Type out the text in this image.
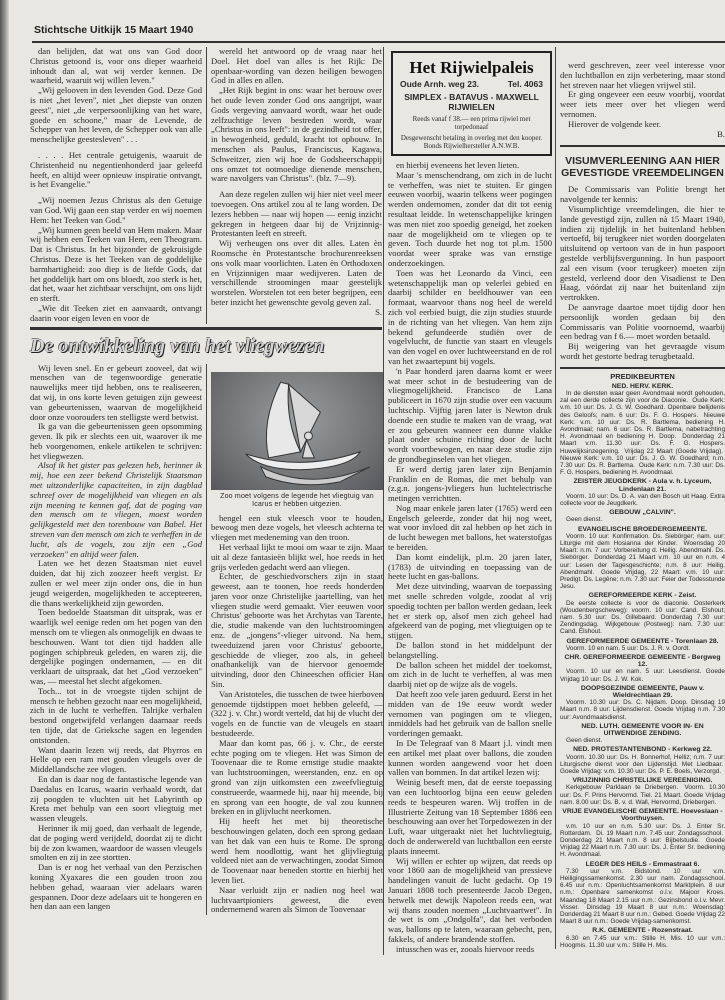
Stichtsche Uitkijk 15 Maart 1940

dan belijden, dat wat ons van God door Christus getoond is, voor ons dieper waarheid inhoudt dan al, wat wij verder kennen. De waarheid, waaruit wij willen leven."

„Wij gelooven in den levenden God. Deze God is niet „het leven", niet „het diepste van onzen geest", niet „de verpersoonlijking van het ware, goede en schoone," maar de Levende, de Schepper van het leven, de Schepper ook van alle menschelijke geestesleven" . . .

. . . . Het centrale getuigenis, waaruit de Christenheid nu negentienhonderd jaar geleefd heeft, en altijd weer opnieuw inspiratie ontvangt, is het Evangelie."

„Wij noemen Jezus Christus als den Getuige van God. Wij gaan een stap verder en wij noemen Hem: het Teeken van God."

„Wij kunnen geen beeld van Hem maken. Maar wij hebben een Teeken van Hem, een Theogram. Dat is Christus. In het bijzonder de gekruisigde Christus. Deze is het Teeken van de goddelijke barmhartigheid: zoo diep is de liefde Gods, dat het goddelijk hart om ons bloedt, zoo sterk is het, dat het, waar het zichtbaar verschijnt, om ons lijdt en sterft.

„Wie dit Teeken ziet en aanvaardt, ontvangt daarin voor eigen leven en voor de

wereld het antwoord op de vraag naar het Doel. Het doel van alles is het Rijk: De openbaar-wording van dezen heiligen bewogen God in alles en allen.

„Het Rijk begint in ons: waar het berouw over het oude leven zonder God ons aangrijpt, waar Gods vergeving aanvaard wordt, waar het oude zelfzuchtige leven bestreden wordt, waar „Christus in ons leeft": in de gezindheid tot offer, in bewogenheid, geduld, kracht tot opbouw. In menschen als Paulus, Franciscus, Kagawa, Schweitzer, zien wij hoe de Godsheerschappij ons omzet tot ootmoedige dienende menschen, ware navolgers van Christus". (blz. 7—9).

Aan deze regelen zullen wij hier niet veel meer toevoegen. Ons artikel zou al te lang worden. De lezers hebben — naar wij hopen — eenig inzicht gekregen in hetgeen daar bij de Vrijzinnig-Protestanten leeft en streeft.

Wij verheugen ons over dit alles. Laten èn Roomsche èn Protestantsche brochurenreeksen ons volk maar voorlichten. Laten èn Orthodoxen en Vrijzinnigen maar wedijveren. Laten de verschillende stroomingen maar geestelijk worstelen. Worstelen tot een beter begrijpen, een beter inzicht het gewenschte gevolg geven zal.

S.
De ontwikkeling van het vliegwezen

Wij leven snel. En er gebeurt zooveel, dat wij menschen van de tegenwoordige generatie nauwelijks meer tijd hebben, ons te realiseeren, dat wij, in ons korte leven getuigen zijn geweest van gebeurtenissen, waarvan de mogelijkheid door onze voorouders ten stelligste werd betwist.

Ik ga van die gebeurtenissen geen opsomming geven. Ik pik er slechts een uit, waarover ik me heb voorgenomen, enkele artikelen te schrijven: het vliegwezen.

Alsof ik het gister pas gelezen heb, herinner ik mij, hoe een zeer bekend Christelijk Staatsman met uitzonderlijke capaciteiten, in zijn dagblad schreef over de mogelijkheid van vliegen en als zijn meening te kennen gaf, dat de poging van den mensch om te vliegen, moest worden gelijkgesteld met den torenbouw van Babel. Het streven van den mensch om zich te verheffen in de lucht, als de vogels, zou zijn een „God verzoeken" en altijd weer falen.

Laten we het dezen Staatsman niet euvel duiden, dat hij zich zoozeer heeft vergist. Er zullen er wel meer zijn onder ons, die in hun jeugd weigerden, mogelijkheden te accepteeren, die thans werkelijkheid zijn geworden.

Toen bedoelde Staatsman dit uitsprak, was er waarlijk wel eenige reden om het pogen van den mensch om te vliegen als onmogelijk en dwaas te beschouwen. Want tot dien tijd hadden alle pogingen schipbreuk geleden, en waren zij, die dergelijke pogingen ondernamen, — en dit verklaart de uitspraak, dat het „God verzoeken" was, — meestal het slecht afgekomen.

Toch... tot in de vroegste tijden schijnt de mensch te hebben gezocht naar een mogelijkheid, zich in de lucht te verheffen. Talrijke verhalen bestond ongetwijfeld verlangen daarnaar reeds ten tijde, dat de Grieksche sagen en legenden ontstonden.

Want daarin lezen wij reeds, dat Phyrros en Helle op een ram met gouden vleugels over de Middellandsche zee vlogen.

En dan is daar nog de fantastische legende van Daedalus en Icarus, waarin verhaald wordt, dat zij poogden te vluchten uit het Labyrinth op Kreta met behulp van een soort vliegtuig met wassen vleugels.

Herinner ik mij goed, dan verhaalt de legende, dat de poging werd verijdeld, doordat zij te dicht bij de zon kwamen, waardoor de wassen vleugels smolten en zij in zee stortten.

Dan is er nog het verhaal van den Perzischen koning Xyaxares die een gouden troon zou hebben gehad, waaraan vier adelaars waren gespannen. Door deze adelaars uit te hongeren en hen dan aan een langen

Zoo moet volgens de legende het vliegtuig van Icarus er hebben uitgezien.

hengel een stuk vleesch voor te houden, bewoog men deze vogels, het vleesch achterna te vliegen met medeneming van den troon.

Het verhaal lijkt te mooi om waar te zijn. Maar uit al deze fantasieën blijkt wel, hoe reeds in het grijs verleden gedacht werd aan vliegen.

Echter, de geschiedvorschers zijn in staat geweest, aan te toonen, hoe reeds honderden jaren voor onze Christelijke jaartelling, van het vliegen studie werd gemaakt. Vier eeuwen voor Christus' geboorte was het Archytas van Tarente, die, studie makende van den luchtstroomingen enz. de „jongens"-vlieger uitvond. Na hem, tweeduizend jaren voor Christus' geboorte, geschiedde de vlieger, zoo als, in geheel onafhankelijk van de hiervoor genoemde uitvinding, door den Chineeschen officier Han Sin.

Van Aristoteles, die tusschen de twee hierboven genoemde tijdstippen moet hebben geleefd, — (322 j. v. Chr.) wordt verteld, dat hij de vlucht der vogels en de functie van de vleugels en staart bestudeerde.

Maar dan komt pas, 66 j. v. Chr., de eerste echte poging om te vliegen. Het was Simon de Toovenaar die te Rome ernstige studie maakte van luchtstroomingen, weerstanden, enz. en op grond van zijn uitkomsten een zweefvliegtuig construeerde, waarmede hij, naar hij meende, bij en sprong van een hoogte, de val zou kunnen breken en in glijvlucht neerkomen.

Hij heeft het met bij theoretische beschouwingen gelaten, doch een sprong gedaan van het dak van een huis te Rome. De sprong werd hem noodlottig, want het glijvliegtuig voldeed niet aan de verwachtingen, zoodat Simon de Toovenaar naar beneden stortte en hierbij het leven liet.

Naar verluidt zijn er nadien nog heel wat luchtvaartpioniers geweest, die even ondernemend waren als Simon de Toovenaar

Het Rijwielpaleis
Oude Arnh. weg 23.	Tel. 4063
SIMPLEX - BATAVUS - MAXWELL
RIJWIELEN
Reeds vanaf f 38.— een prima rijwiel met torpedonaaf
Desgewenscht betaling in overleg met den kooper. Bonds Rijwielhersteller A.N.W.B.

en hierbij eveneens het leven lieten.

Maar 's menschendrang, om zich in de lucht te verheffen, was niet te stuiten. Er gingen eeuwen voorbij, waarin telkens weer pogingen werden ondernomen, zonder dat dit tot eenig resultaat leidde. In wetenschappelijke kringen was men niet zoo spoedig geneigd, het zoeken naar de mogelijkheid om te vliegen op te geven. Toch duurde het nog tot pl.m. 1500 voordat weer sprake was van ernstige onderzoekingen.

Toen was het Leonardo da Vinci, een wetenschappelijk man op velerlei gebied en daarbij schilder en beeldhouwer van een formaat, waarvoor thans nog heel de wereld zich vol eerbied buigt, die zijn studies stuurde in de richting van het vliegen. Van hem zijn bekend gefundeerde studiën over de vogelvlucht, de functie van staart en vleugels van den vogel en over luchtweerstand en de rol van het zwaartepunt bij vogels.

'n Paar honderd jaren daarna komt er weer wat meer schot in de bestudeering van de vliegmogelijkheid. Francisco de Lana publiceert in 1670 zijn studie over een vacuum luchtschip. Vijftig jaren later is Newton druk doende een studie te maken van de vraag, wat er zou gebeuren wanneer een dunne vlakke plaat onder schuine richting door de lucht wordt voortbewogen, en naar deze studie zijn de grondbeginselen van het vliegen.

Er werd dertig jaren later zijn Benjamin Franklin en de Romas, die met behulp van (z.g.n. jongens-)vliegers hun luchtelectrische metingen verrichtten.

Nog maar enkele jaren later (1765) werd een Engelsch geleerde, zonder dat hij nog weet, wat voor invloed dit zal hebben op het zich in de lucht bewegen met ballons, het waterstofgas te bereiden.

Dan komt eindelijk, pl.m. 20 jaren later, (1783) de uitvinding en toepassing van de heete lucht en gas-ballons.

Met deze uitvinding, waarvan de toepassing met snelle schreden volgde, zoodat al vrij spoedig tochten per ballon werden gedaan, leek het er sterk op, alsof men zich geheel had afgekeerd van de poging, met vliegtuigen op te stijgen.

De ballon stond in het middelpunt der belangstelling.

De ballon scheen het middel der toekomst, om zich in de lucht te verheffen, al was men daarbij niet op de wijze als de vogels.

Dat heeft zoo vele jaren geduurd. Eerst in het midden van de 19e eeuw wordt weder vernomen van pogingen om te vliegen, inmiddels had het gebruik van de ballon snelle vorderingen gemaakt.

In De Telegraaf van 8 Maart j.l. vindt men een artikel met plaat over ballons, die zouden kunnen worden aangewend voor het doen vallen van bommen. In dat artikel lezen wij:

Weinig beseft men, dat de eerste toepassing van een luchtoorlog bijna een eeuw geleden reeds te bespeuren waren. Wij troffen in de Illustrierte Zeitung van 18 September 1886 een beschouwing aan over het Torpedowezen in der Luft, waar uitgeraakt niet het luchtvliegtuig, doch de onderwereld van luchtballon een eerste plaats inneemt.

Wij willen er echter op wijzen, dat reeds op voor 1860 aan de mogelijkheid van pressieve handelingen vanuit de lucht gedacht. Op 19 Januari 1808 toch presenteerde Jacob Degen, hetwelk met dewijk Napoleon reeds een, wat wij thans zouden noemen „Luchtvaartwet". In de wet is om „Ondgolfa", dat het verboden was, ballons op te laten, waaraan gebecht, pen, fakkels, of andere brandende stoffen.

intusschen was er, zooals hiervoor reeds

werd geschreven, zeer veel interesse voor den luchtballon en zijn verbetering, maar stond het streven naar het vliegen vrijwel stil.

Er ging ongeveer een eeuw voorbij, voordat weer iets meer over het vliegen werd vernomen.

Hierover de volgende keer.

B.
VISUMVERLEENING AAN HIER GEVESTIGDE VREEMDELINGEN

De Commissaris van Politie brengt het navolgende ter kennis:

Visumplichtige vreemdelingen, die hier te lande gevestigd zijn, zullen nà 15 Maart 1940, indien zij tijdelijk in het buitenland hebben vertoefd, bij terugkeer niet worden doorgelaten uitsluitend op vertoon van de in hun paspoort gestelde verblijfsvergunning. In hun paspoort zal een visum (voor terugkeer) moeten zijn gesteld, verleend door den Visadienst te Den Haag, vóórdat zij naar het buitenland zijn vertrokken.

De aanvrage daartoe moet tijdig door hen persoonlijk worden gedaan bij den Commissaris van Politie voornoemd, waarbij een bedrag van f 6.— moet worden betaald.

Bij weigering van het gevraagde visum wordt het gestorte bedrag terugbetaald.

PREDIKBEURTEN
NED. HERV. KERK.
In de diensten waar geen Avondmaal wordt gehouden, zal een derde collecte zijn voor de Diaconie. Oude Kerk: v.m. 10 uur: Ds. J. G. W. Goedhard. Openbare belijdenis des Geloofs; nam. 6 uur: Ds. F. G. Hospers. Nieuwe Kerk: v.m. 10 uur: Ds. R. Bartlema, bediening H. Avondmaal; nam. 6 uur: Ds. R. Bartlema, nabetrachting H. Avondmaal en bediening H. Doop. Donderdag 21 Maart v.m. 11.30 uur: Ds. F. G. Hospers. Huwelijksinzegening. Vrijdag 22 Maart (Goede Vrijdag). Nieuwe Kerk: v.m. 10 uur: Ds. J. G. W. Goedhard; n.m. 7.30 uur: Ds. R. Bartlema. Oude Kerk: n.m. 7.30 uur: Ds. F. G. Hospers, bediening H. Avondmaal.
ZEISTER JEUGDKERK - Aula v. h. Lyceum, Lindenlaan 21.
Voorm. 10 uur: Ds. D. A. van den Bosch uit Haag. Extra collecte voor de Jeugdkerk.
GEBOUW „CALVIN".
Geen dienst.
EVANGELISCHE BROEDERGEMEENTE.
Voorm. 10 uur: Konfirmation. Ds. Siebörger; nam. uur: Liturgie mit dem Hosianna der Kinder. Woensdag 20 Maart: n.m. 7 uur: Vorbereitung d. Heilig. Abendmahl. Ds. Siebörger. Donderdag 21 Maart v.m. 10 uur en n.m. 4 uur: Lesen der Tagesgeschichte; n.m. 8 uur: Heilig. Abendmahl. Goede Vrijdag, 22 Maart: v.m. 10 uur: Predigt. Ds. Legêne; n.m. 7.30 uur: Feier der Todesstunde Jesu.
GEREFORMEERDE KERK - Zeist.
De eerste collecte is voor de diaconie. Oosterkerk (Woudenbergscheweg): voorm. 10 uur: Cand. Elshout; nam. 5.30 uur: Ds. Gillebaard. Donderdag 7.30 uur: Zendingsdag. Wijkgebouw (Postweg): nam. 7.30 uur: Cand. Elshout.
GEREFORMEERDE GEMEENTE - Torenlaan 28.
Voorm. 10 en nam. 5 uur: Ds. J. R. v. Oordt.
CHR. GEREFORMEERDE GEMEENTE - Bergweg 12.
Voorm. 10 uur en nam. 5 uur: Leesdienst. Goede Vrijdag 10 uur: Ds. J. W. Kok.
DOOPSGEZINDE GEMEENTE, Pauw v. Wieldrechtlaan 29.
Voorm. 10.30 uur: Ds. C. Nijdam. Doop. Dinsdag 19 Maart n.m. 8 uur: Lijdensdienst. Goede Vrijdag n.m. 7.30 uur: Avondmaalsdienst.
NED. LUTH. GEMEENTE VOOR IN- EN UITWENDIGE ZENDING.
Geen dienst.
NED. PROTESTANTENBOND - Kerkweg 22.
Voorm. 10.30 uur: Ds. H. Bonnerhof, Helliz; n.m. 7 uur: Liturgische dienst voor den Lijdenstijd. Met Liedbaar. Goede Vrijdag: v.m. 10.30 uur: Ds. P. E. Boels, Verzorgd.
VRIJZINNIG CHRISTELIJKE VEREENIGING.
Kerkgebouw Parklaan te Driebergen. Voorm. 10.30 uur: Ds. F. Prins Hervormd. Tiel. 21 Maart. Goede Vrijdag nam. 8.00 uur: Ds. B. v. d. Wall, Hervormd, Driebergen.
VRIJE EVANGELISCHE GEMEENTE. Hoeveslaan - Voorthuysen.
v.m. 10 uur en n.m. 5.30 uur: Ds. J. Enter Sr. Rotterdam. Di. 19 Maart n.m. 7.45 uur: Zondagsschool. Donderdag 21 Maart n.m. 8 uur: Bijbelstudie. Goede Vrijdag 22 Maart n.m. 7.30 uur: Ds. J. Enter Sr. bediening H. Avondmaal.
LEGER DES HEILS - Emmastraat 6.
7.30 uur v.m. Bidstond. 10 uur v.m. Heiligingssamenkomst. 2.30 uur nam. Zondagsschool. 6.45 uur n.m.: Openluchtsamenkomst Marktplein. 8 uur n.m.: Openbare samenkomst o.l.v. Majoor Kroes. Maandag 18 Maart 2.15 uur n.m.: Gezinsbond o.l.v. Mevr. Visser. Dinsdag 19 Maart 8 uur n.m.: Woensdag: Donderdag 21 Maart 8 uur n.m.: Gebed. Goede Vrijdag 22 Maart 8 uur n.m.: Goede Vrijdag-samenkomst.
R.K. GEMEENTE - Rozenstraat.
6.30 en 7.45 uur v.m.: Stille H. Mis. 10 uur v.m.: Hoogmis. 11.30 uur v.m.: Stille H. Mis.
